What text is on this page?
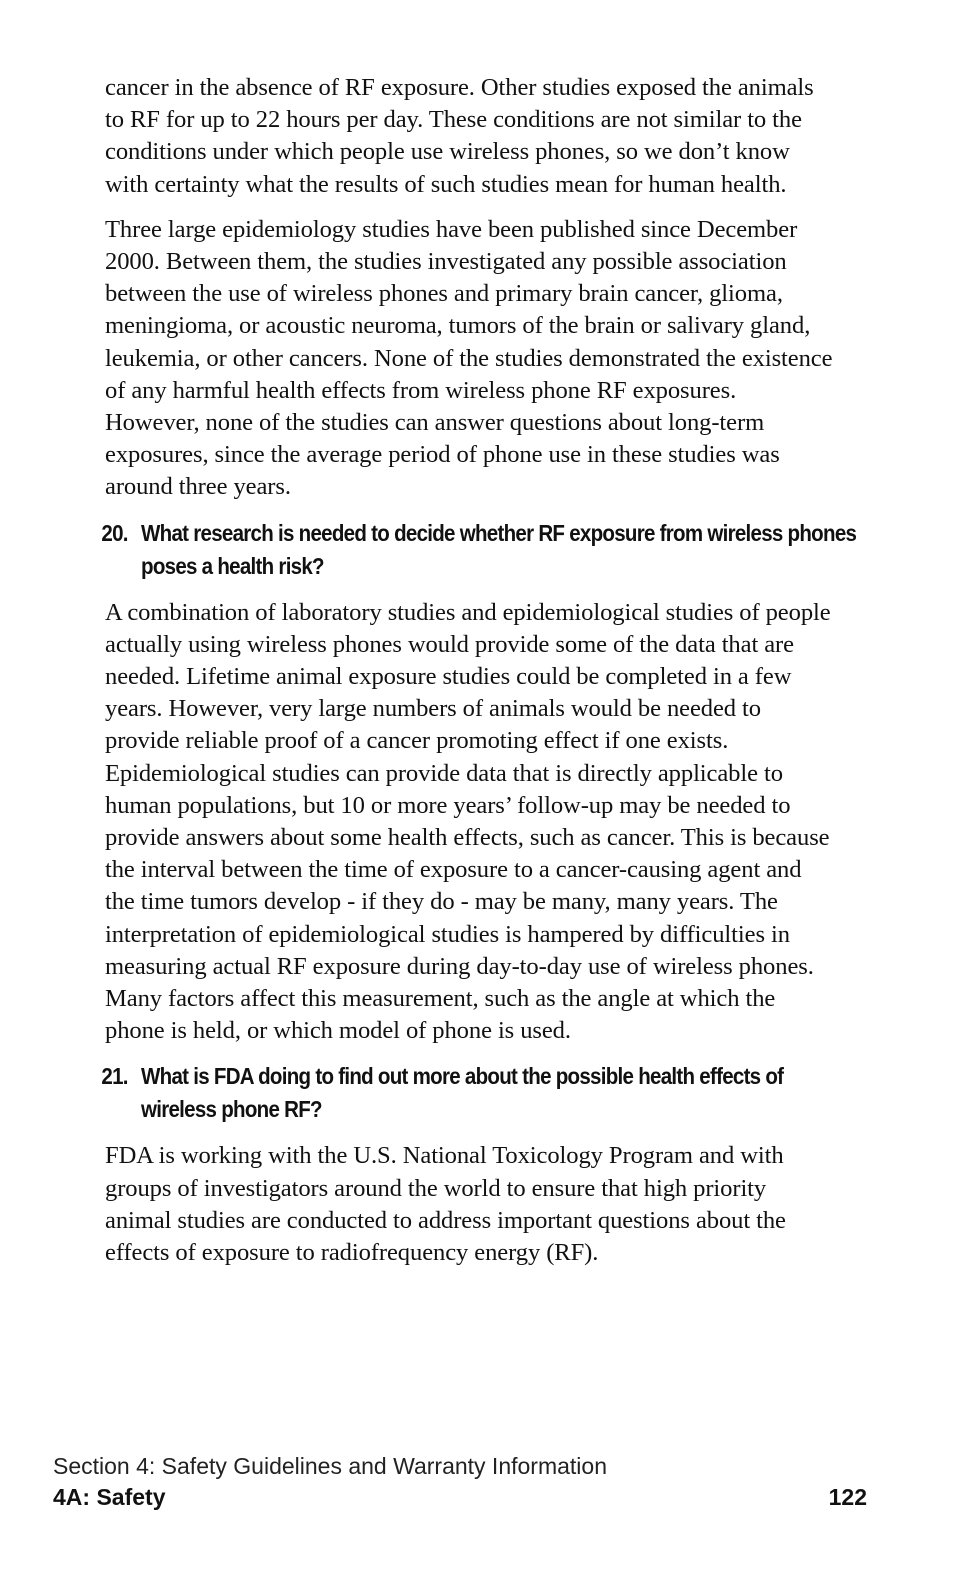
cancer in the absence of RF exposure. Other studies exposed the animals to RF for up to 22 hours per day. These conditions are not similar to the conditions under which people use wireless phones, so we don’t know with certainty what the results of such studies mean for human health.

Three large epidemiology studies have been published since December 2000. Between them, the studies investigated any possible association between the use of wireless phones and primary brain cancer, glioma, meningioma, or acoustic neuroma, tumors of the brain or salivary gland, leukemia, or other cancers. None of the studies demonstrated the existence of any harmful health effects from wireless phone RF exposures. However, none of the studies can answer questions about long-term exposures, since the average period of phone use in these studies was around three years.

20. What research is needed to decide whether RF exposure from wireless phones poses a health risk?

A combination of laboratory studies and epidemiological studies of people actually using wireless phones would provide some of the data that are needed. Lifetime animal exposure studies could be completed in a few years. However, very large numbers of animals would be needed to provide reliable proof of a cancer promoting effect if one exists. Epidemiological studies can provide data that is directly applicable to human populations, but 10 or more years’ follow-up may be needed to provide answers about some health effects, such as cancer. This is because the interval between the time of exposure to a cancer-causing agent and the time tumors develop - if they do - may be many, many years. The interpretation of epidemiological studies is hampered by difficulties in measuring actual RF exposure during day-to-day use of wireless phones. Many factors affect this measurement, such as the angle at which the phone is held, or which model of phone is used.

21. What is FDA doing to find out more about the possible health effects of wireless phone RF?

FDA is working with the U.S. National Toxicology Program and with groups of investigators around the world to ensure that high priority animal studies are conducted to address important questions about the effects of exposure to radiofrequency energy (RF).

Section 4: Safety Guidelines and Warranty Information
4A: Safety	122
